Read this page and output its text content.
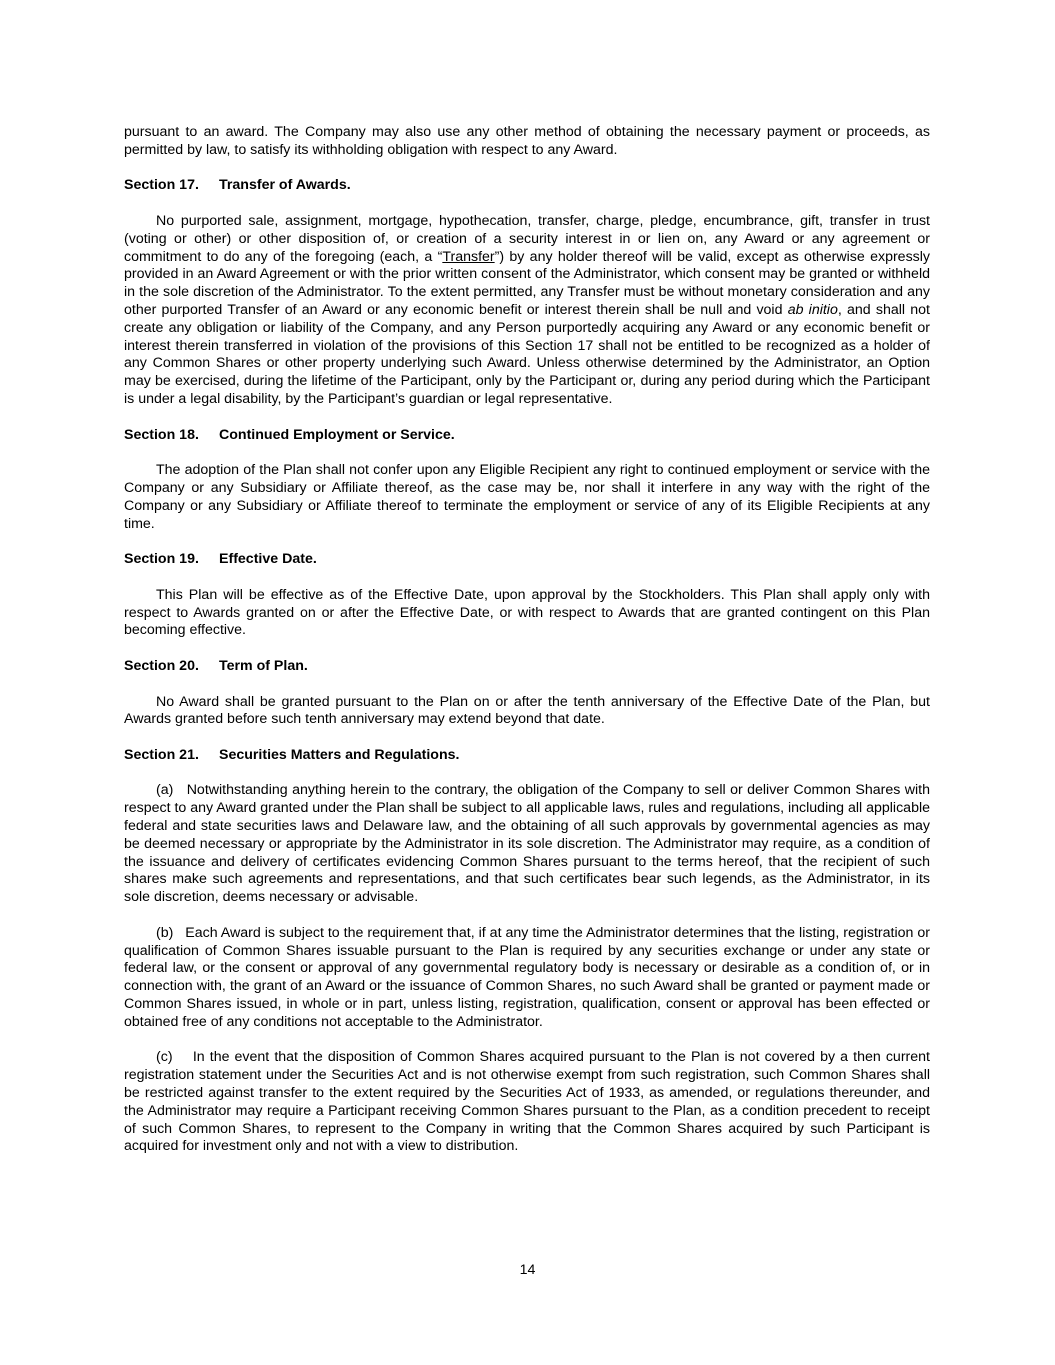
pursuant to an award. The Company may also use any other method of obtaining the necessary payment or proceeds, as permitted by law, to satisfy its withholding obligation with respect to any Award.

Section 17. Transfer of Awards.

No purported sale, assignment, mortgage, hypothecation, transfer, charge, pledge, encumbrance, gift, transfer in trust (voting or other) or other disposition of, or creation of a security interest in or lien on, any Award or any agreement or commitment to do any of the foregoing (each, a “Transfer”) by any holder thereof will be valid, except as otherwise expressly provided in an Award Agreement or with the prior written consent of the Administrator, which consent may be granted or withheld in the sole discretion of the Administrator. To the extent permitted, any Transfer must be without monetary consideration and any other purported Transfer of an Award or any economic benefit or interest therein shall be null and void ab initio, and shall not create any obligation or liability of the Company, and any Person purportedly acquiring any Award or any economic benefit or interest therein transferred in violation of the provisions of this Section 17 shall not be entitled to be recognized as a holder of any Common Shares or other property underlying such Award. Unless otherwise determined by the Administrator, an Option may be exercised, during the lifetime of the Participant, only by the Participant or, during any period during which the Participant is under a legal disability, by the Participant’s guardian or legal representative.

Section 18. Continued Employment or Service.

The adoption of the Plan shall not confer upon any Eligible Recipient any right to continued employment or service with the Company or any Subsidiary or Affiliate thereof, as the case may be, nor shall it interfere in any way with the right of the Company or any Subsidiary or Affiliate thereof to terminate the employment or service of any of its Eligible Recipients at any time.

Section 19. Effective Date.

This Plan will be effective as of the Effective Date, upon approval by the Stockholders. This Plan shall apply only with respect to Awards granted on or after the Effective Date, or with respect to Awards that are granted contingent on this Plan becoming effective.

Section 20. Term of Plan.

No Award shall be granted pursuant to the Plan on or after the tenth anniversary of the Effective Date of the Plan, but Awards granted before such tenth anniversary may extend beyond that date.

Section 21. Securities Matters and Regulations.

(a) Notwithstanding anything herein to the contrary, the obligation of the Company to sell or deliver Common Shares with respect to any Award granted under the Plan shall be subject to all applicable laws, rules and regulations, including all applicable federal and state securities laws and Delaware law, and the obtaining of all such approvals by governmental agencies as may be deemed necessary or appropriate by the Administrator in its sole discretion. The Administrator may require, as a condition of the issuance and delivery of certificates evidencing Common Shares pursuant to the terms hereof, that the recipient of such shares make such agreements and representations, and that such certificates bear such legends, as the Administrator, in its sole discretion, deems necessary or advisable.

(b) Each Award is subject to the requirement that, if at any time the Administrator determines that the listing, registration or qualification of Common Shares issuable pursuant to the Plan is required by any securities exchange or under any state or federal law, or the consent or approval of any governmental regulatory body is necessary or desirable as a condition of, or in connection with, the grant of an Award or the issuance of Common Shares, no such Award shall be granted or payment made or Common Shares issued, in whole or in part, unless listing, registration, qualification, consent or approval has been effected or obtained free of any conditions not acceptable to the Administrator.

(c) In the event that the disposition of Common Shares acquired pursuant to the Plan is not covered by a then current registration statement under the Securities Act and is not otherwise exempt from such registration, such Common Shares shall be restricted against transfer to the extent required by the Securities Act of 1933, as amended, or regulations thereunder, and the Administrator may require a Participant receiving Common Shares pursuant to the Plan, as a condition precedent to receipt of such Common Shares, to represent to the Company in writing that the Common Shares acquired by such Participant is acquired for investment only and not with a view to distribution.

14
